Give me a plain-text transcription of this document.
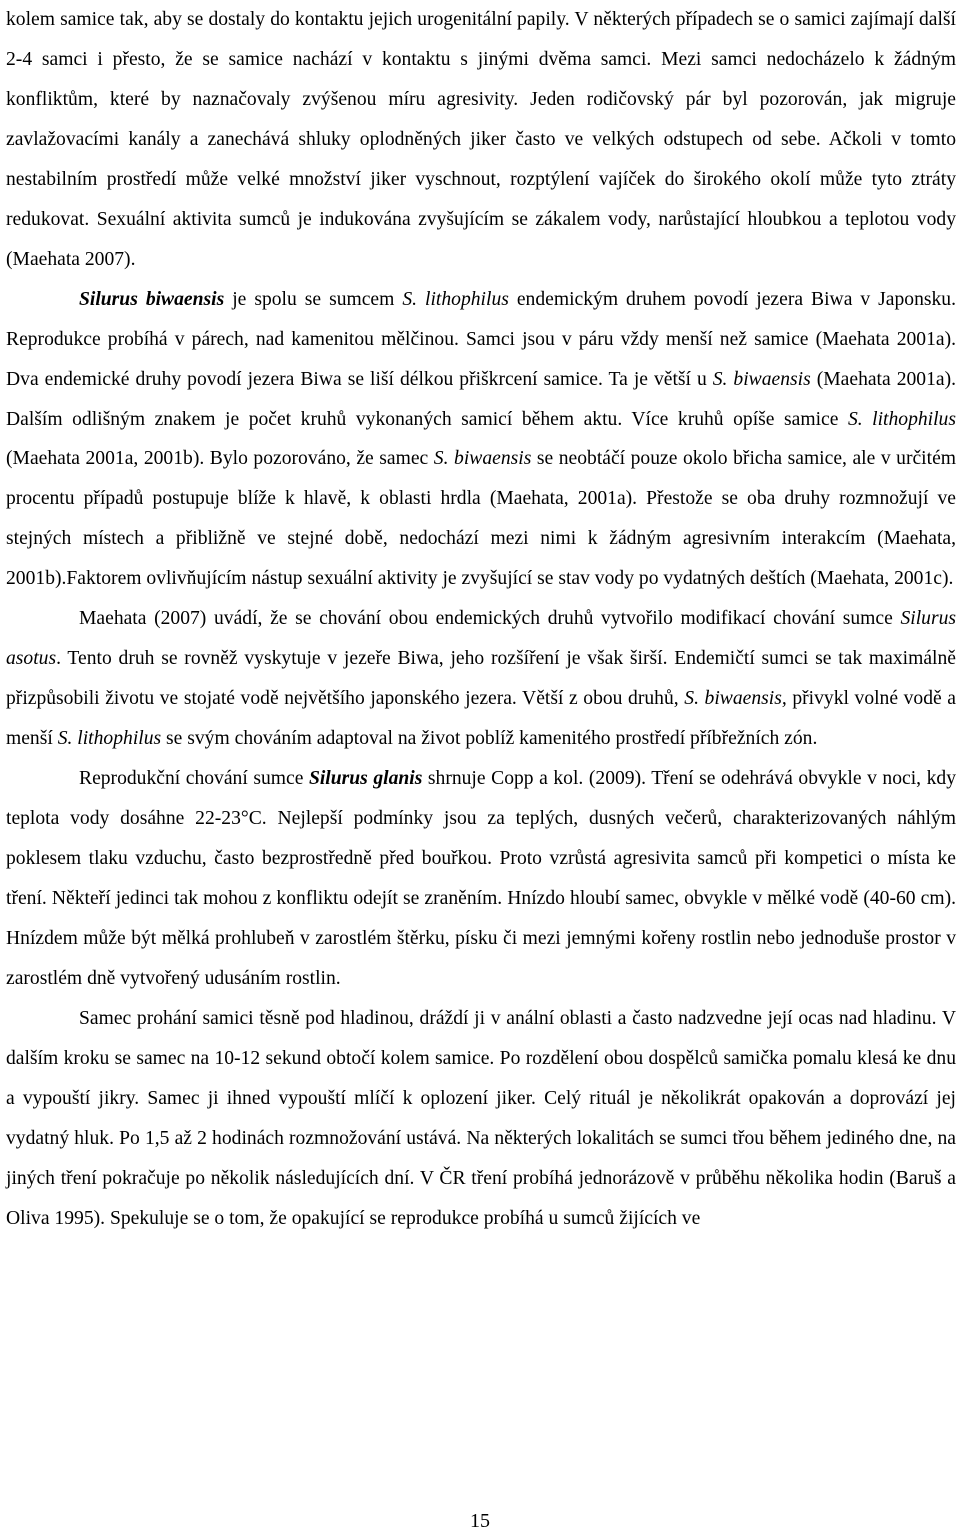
kolem samice tak, aby se dostaly do kontaktu jejich urogenitální papily. V některých případech se o samici zajímají další 2-4 samci i přesto, že se samice nachází v kontaktu s jinými dvěma samci. Mezi samci nedocházelo k žádným konfliktům, které by naznačovaly zvýšenou míru agresivity. Jeden rodičovský pár byl pozorován, jak migruje zavlažovacími kanály a zanechává shluky oplodněných jiker často ve velkých odstupech od sebe. Ačkoli v tomto nestabilním prostředí může velké množství jiker vyschnout, rozptýlení vajíček do širokého okolí může tyto ztráty redukovat. Sexuální aktivita sumců je indukována zvyšujícím se zákalem vody, narůstající hloubkou a teplotou vody (Maehata 2007).

Silurus biwaensis je spolu se sumcem S. lithophilus endemickým druhem povodí jezera Biwa v Japonsku. Reprodukce probíhá v párech, nad kamenitou mělčinou. Samci jsou v páru vždy menší než samice (Maehata 2001a). Dva endemické druhy povodí jezera Biwa se liší délkou přiškrcení samice. Ta je větší u S. biwaensis (Maehata 2001a). Dalším odlišným znakem je počet kruhů vykonaných samicí během aktu. Více kruhů opíše samice S. lithophilus (Maehata 2001a, 2001b). Bylo pozorováno, že samec S. biwaensis se neobtáčí pouze okolo břicha samice, ale v určitém procentu případů postupuje blíže k hlavě, k oblasti hrdla (Maehata, 2001a). Přestože se oba druhy rozmnožují ve stejných místech a přibližně ve stejné době, nedochází mezi nimi k žádným agresivním interakcím (Maehata, 2001b).Faktorem ovlivňujícím nástup sexuální aktivity je zvyšující se stav vody po vydatných deštích (Maehata, 2001c).

Maehata (2007) uvádí, že se chování obou endemických druhů vytvořilo modifikací chování sumce Silurus asotus. Tento druh se rovněž vyskytuje v jezeře Biwa, jeho rozšíření je však širší. Endemičtí sumci se tak maximálně přizpůsobili životu ve stojaté vodě největšího japonského jezera. Větší z obou druhů, S. biwaensis, přivykl volné vodě a menší S. lithophilus se svým chováním adaptoval na život poblíž kamenitého prostředí příbřežních zón.

Reprodukční chování sumce Silurus glanis shrnuje Copp a kol. (2009). Tření se odehrává obvykle v noci, kdy teplota vody dosáhne 22-23°C. Nejlepší podmínky jsou za teplých, dusných večerů, charakterizovaných náhlým poklesem tlaku vzduchu, často bezprostředně před bouřkou. Proto vzrůstá agresivita samců při kompetici o místa ke tření. Někteří jedinci tak mohou z konfliktu odejít se zraněním. Hnízdo hloubí samec, obvykle v mělké vodě (40-60 cm). Hnízdem může být mělká prohlubeň v zarostlém štěrku, písku či mezi jemnými kořeny rostlin nebo jednoduše prostor v zarostlém dně vytvořený udusáním rostlin.

Samec prohání samici těsně pod hladinou, dráždí ji v anální oblasti a často nadzvedne její ocas nad hladinu. V dalším kroku se samec na 10-12 sekund obtočí kolem samice. Po rozdělení obou dospělců samička pomalu klesá ke dnu a vypouští jikry. Samec ji ihned vypouští mlíčí k oplození jiker. Celý rituál je několikrát opakován a doprovází jej vydatný hluk. Po 1,5 až 2 hodinách rozmnožování ustává. Na některých lokalitách se sumci třou během jediného dne, na jiných tření pokračuje po několik následujících dní. V ČR tření probíhá jednorázově v průběhu několika hodin (Baruš a Oliva 1995). Spekuluje se o tom, že opakující se reprodukce probíhá u sumců žijících ve

15
